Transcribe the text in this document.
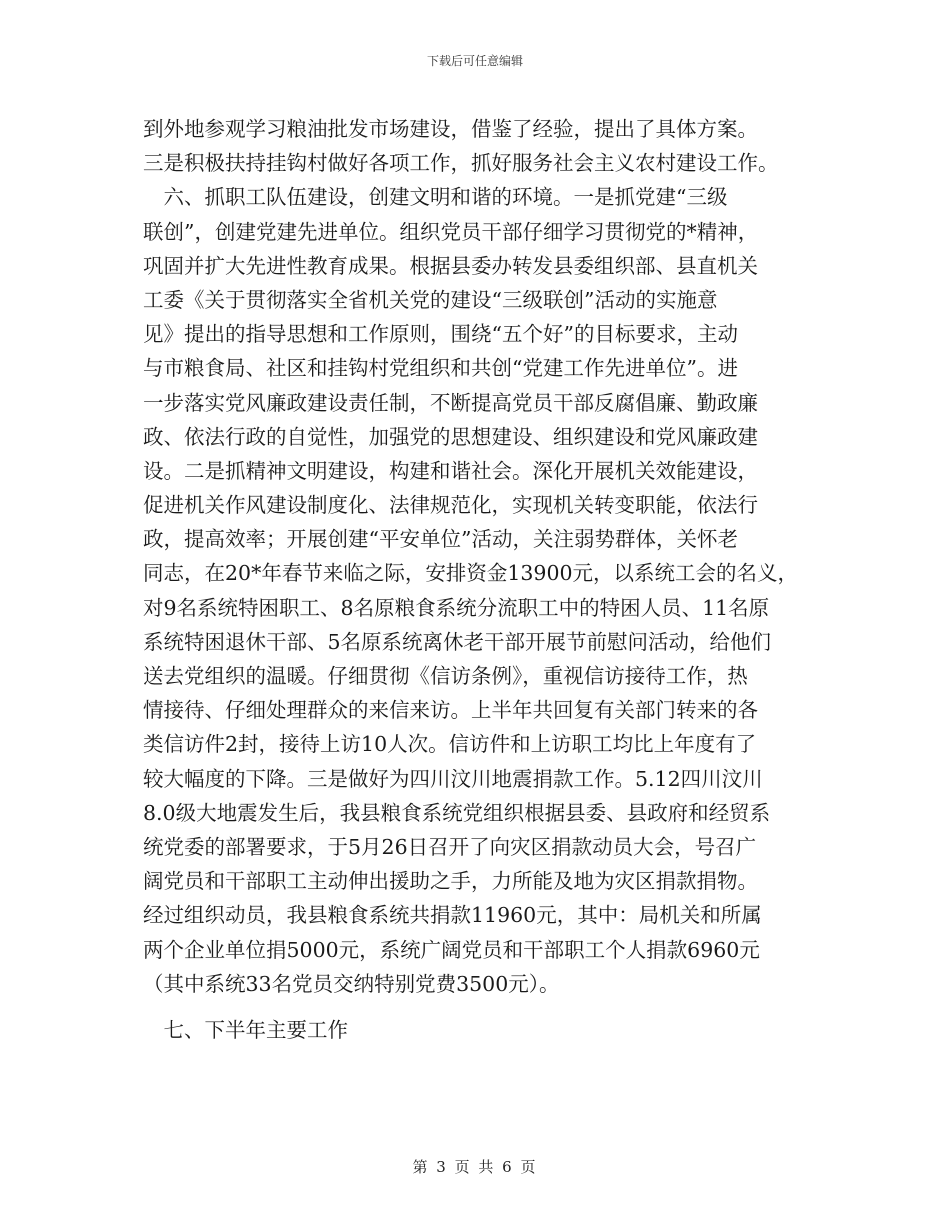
下载后可任意编辑
到外地参观学习粮油批发市场建设，借鉴了经验，提出了具体方案。
三是积极扶持挂钩村做好各项工作，抓好服务社会主义农村建设工作。
　六、抓职工队伍建设，创建文明和谐的环境。一是抓党建“三级
联创”，创建党建先进单位。组织党员干部仔细学习贯彻党的*精神，
巩固并扩大先进性教育成果。根据县委办转发县委组织部、县直机关
工委《关于贯彻落实全省机关党的建设“三级联创”活动的实施意
见》提出的指导思想和工作原则，围绕“五个好”的目标要求，主动
与市粮食局、社区和挂钩村党组织和共创“党建工作先进单位”。进
一步落实党风廉政建设责任制，不断提高党员干部反腐倡廉、勤政廉
政、依法行政的自觉性，加强党的思想建设、组织建设和党风廉政建
设。二是抓精神文明建设，构建和谐社会。深化开展机关效能建设，
促进机关作风建设制度化、法律规范化，实现机关转变职能，依法行
政，提高效率；开展创建“平安单位”活动，关注弱势群体，关怀老
同志，在20*年春节来临之际，安排资金13900元，以系统工会的名义，
对9名系统特困职工、8名原粮食系统分流职工中的特困人员、11名原
系统特困退休干部、5名原系统离休老干部开展节前慰问活动，给他们
送去党组织的温暖。仔细贯彻《信访条例》，重视信访接待工作，热
情接待、仔细处理群众的来信来访。上半年共回复有关部门转来的各
类信访件2封，接待上访10人次。信访件和上访职工均比上年度有了
较大幅度的下降。三是做好为四川汶川地震捐款工作。5.12四川汶川
8.0级大地震发生后，我县粮食系统党组织根据县委、县政府和经贸系
统党委的部署要求，于5月26日召开了向灾区捐款动员大会，号召广
阔党员和干部职工主动伸出援助之手，力所能及地为灾区捐款捐物。
经过组织动员，我县粮食系统共捐款11960元，其中：局机关和所属
两个企业单位捐5000元，系统广阔党员和干部职工个人捐款6960元
（其中系统33名党员交纳特别党费3500元）。
　七、下半年主要工作
第 3 页 共 6 页
